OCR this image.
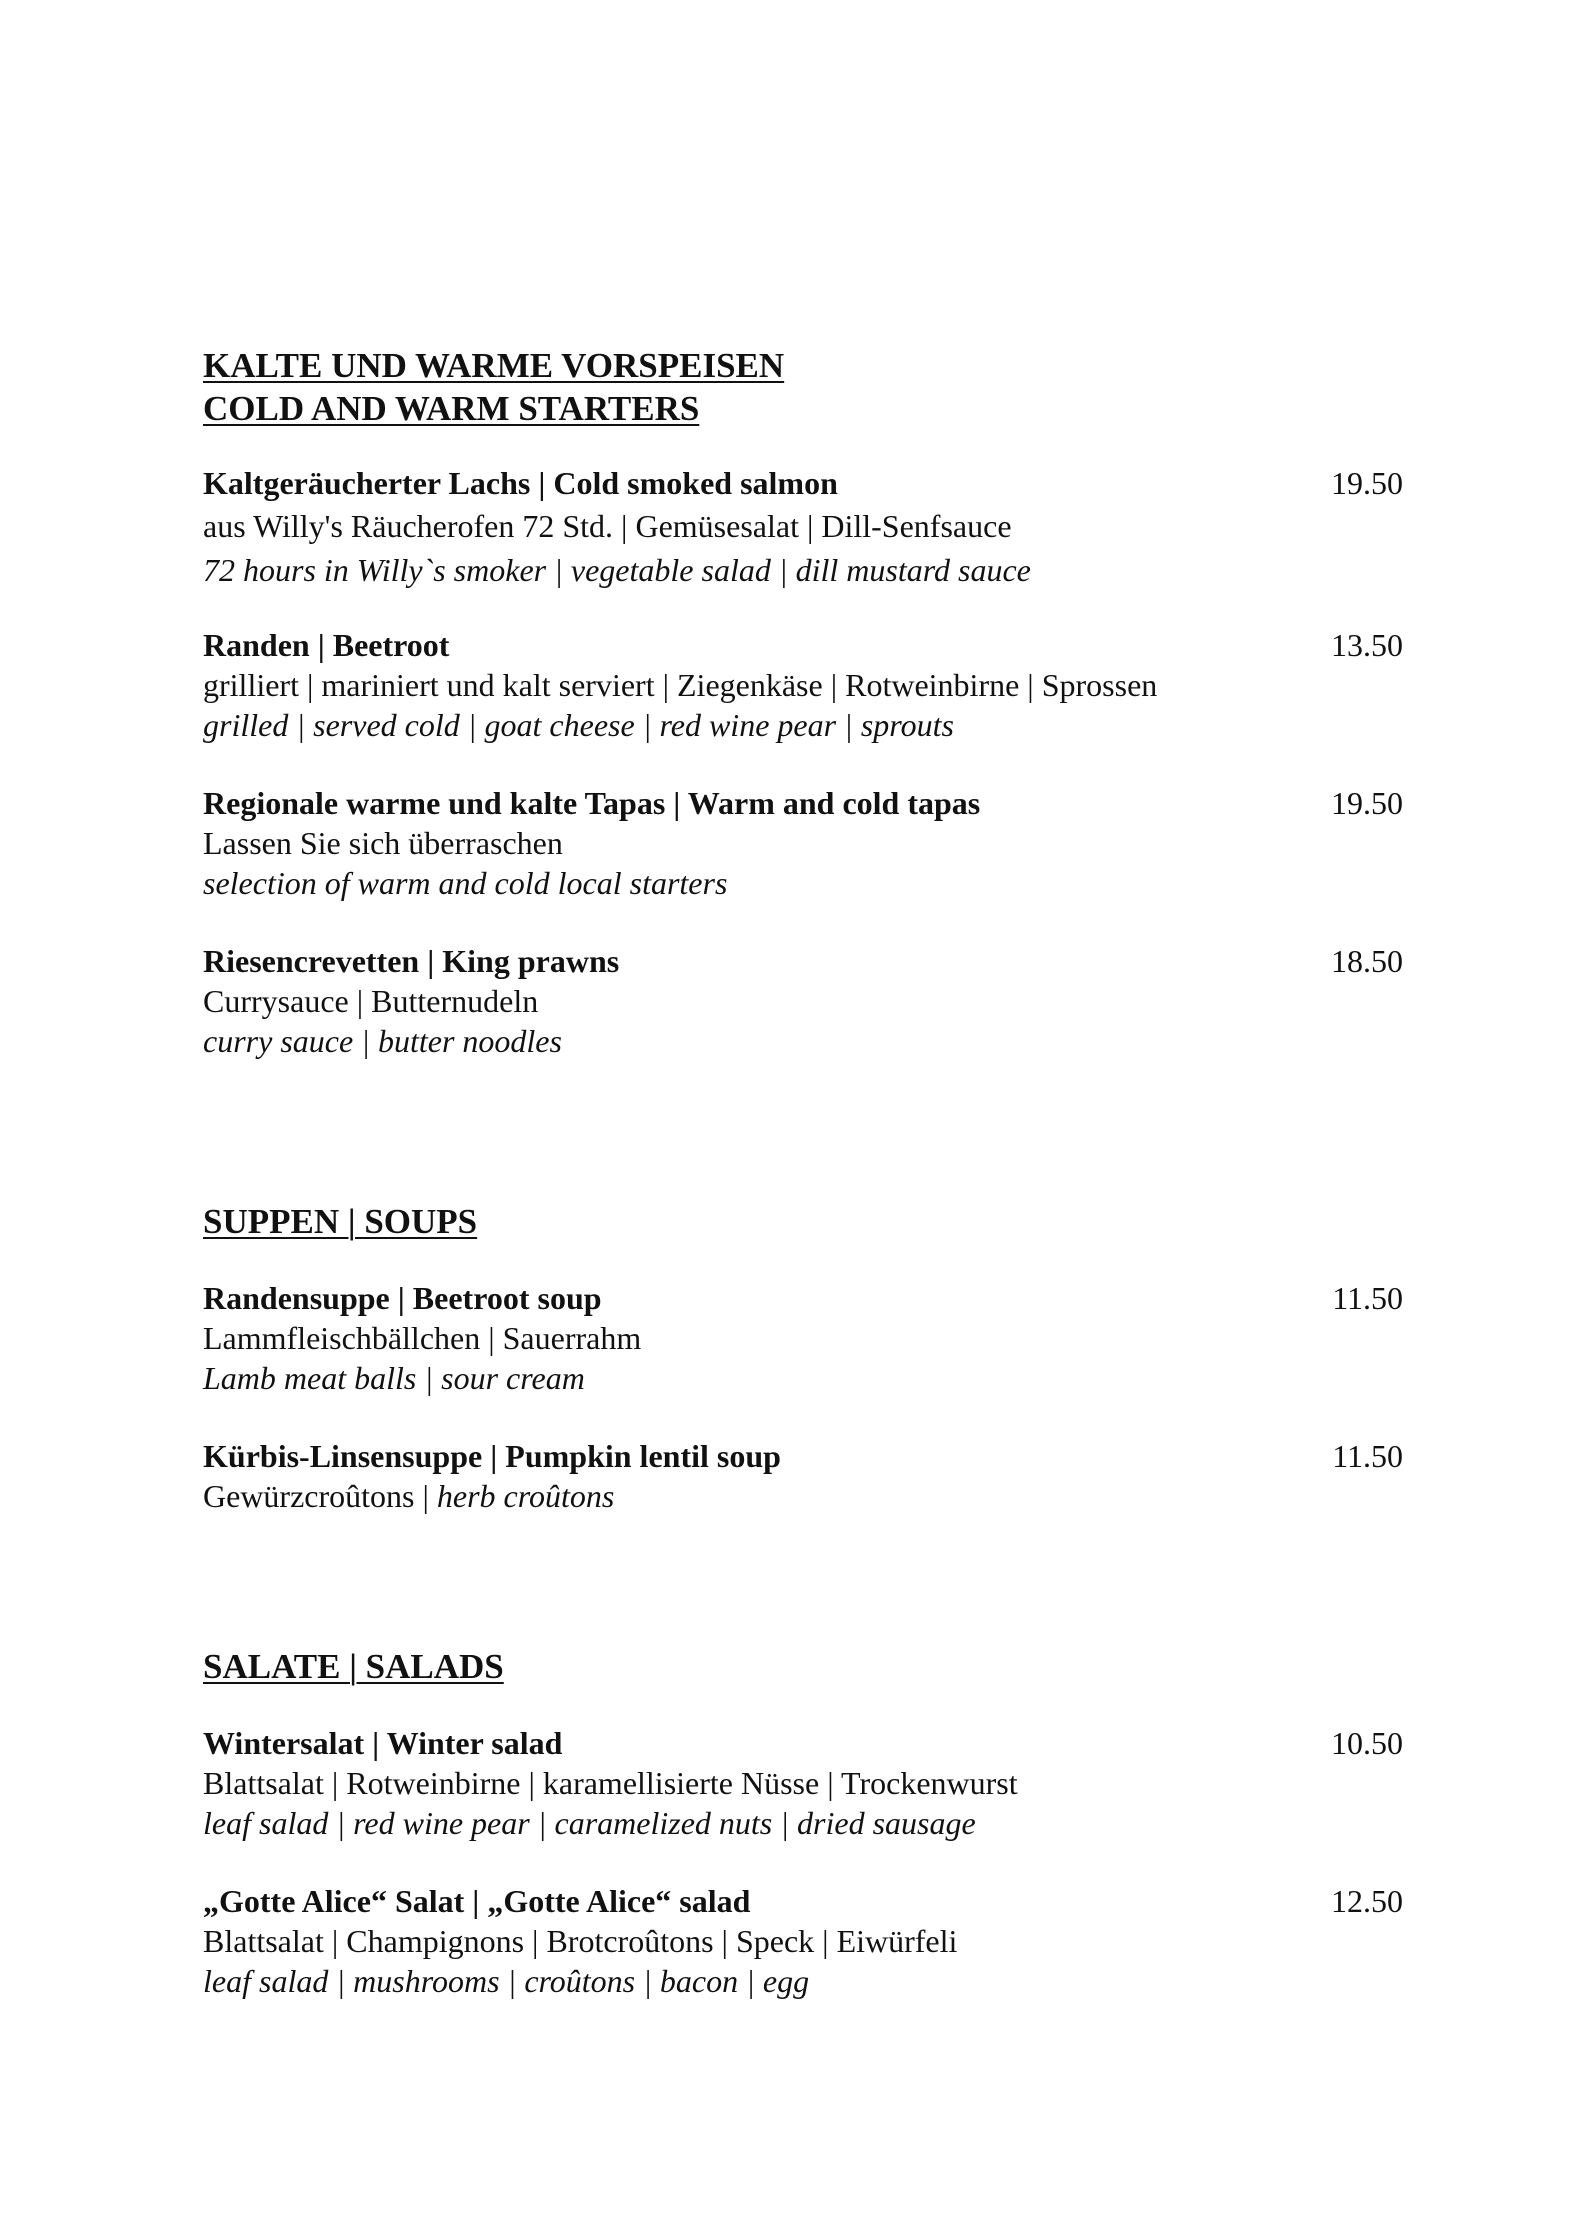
KALTE UND WARME VORSPEISEN
COLD AND WARM STARTERS
Kaltgeräucherter Lachs | Cold smoked salmon	19.50
aus Willy's Räucherofen 72 Std. | Gemüsesalat | Dill-Senfsauce
72 hours in Willy`s smoker | vegetable salad | dill mustard sauce
Randen | Beetroot	13.50
grilliert | mariniert und kalt serviert | Ziegenkäse | Rotweinbirne | Sprossen
grilled | served cold | goat cheese | red wine pear | sprouts
Regionale warme und kalte Tapas | Warm and cold tapas	19.50
Lassen Sie sich überraschen
selection of warm and cold local starters
Riesencrevetten | King prawns	18.50
Currysauce | Butternudeln
curry sauce | butter noodles
SUPPEN | SOUPS
Randensuppe | Beetroot soup	11.50
Lammfleischbällchen | Sauerrahm
Lamb meat balls | sour cream
Kürbis-Linsensuppe | Pumpkin lentil soup	11.50
Gewürzcroûtons | herb croûtons
SALATE | SALADS
Wintersalat | Winter salad	10.50
Blattsalat | Rotweinbirne | karamellisierte Nüsse | Trockenwurst
leaf salad | red wine pear | caramelized nuts | dried sausage
„Gotte Alice“ Salat | „Gotte Alice“ salad	12.50
Blattsalat | Champignons | Brotcroûtons | Speck | Eiwürfeli
leaf salad | mushrooms | croûtons | bacon | egg
